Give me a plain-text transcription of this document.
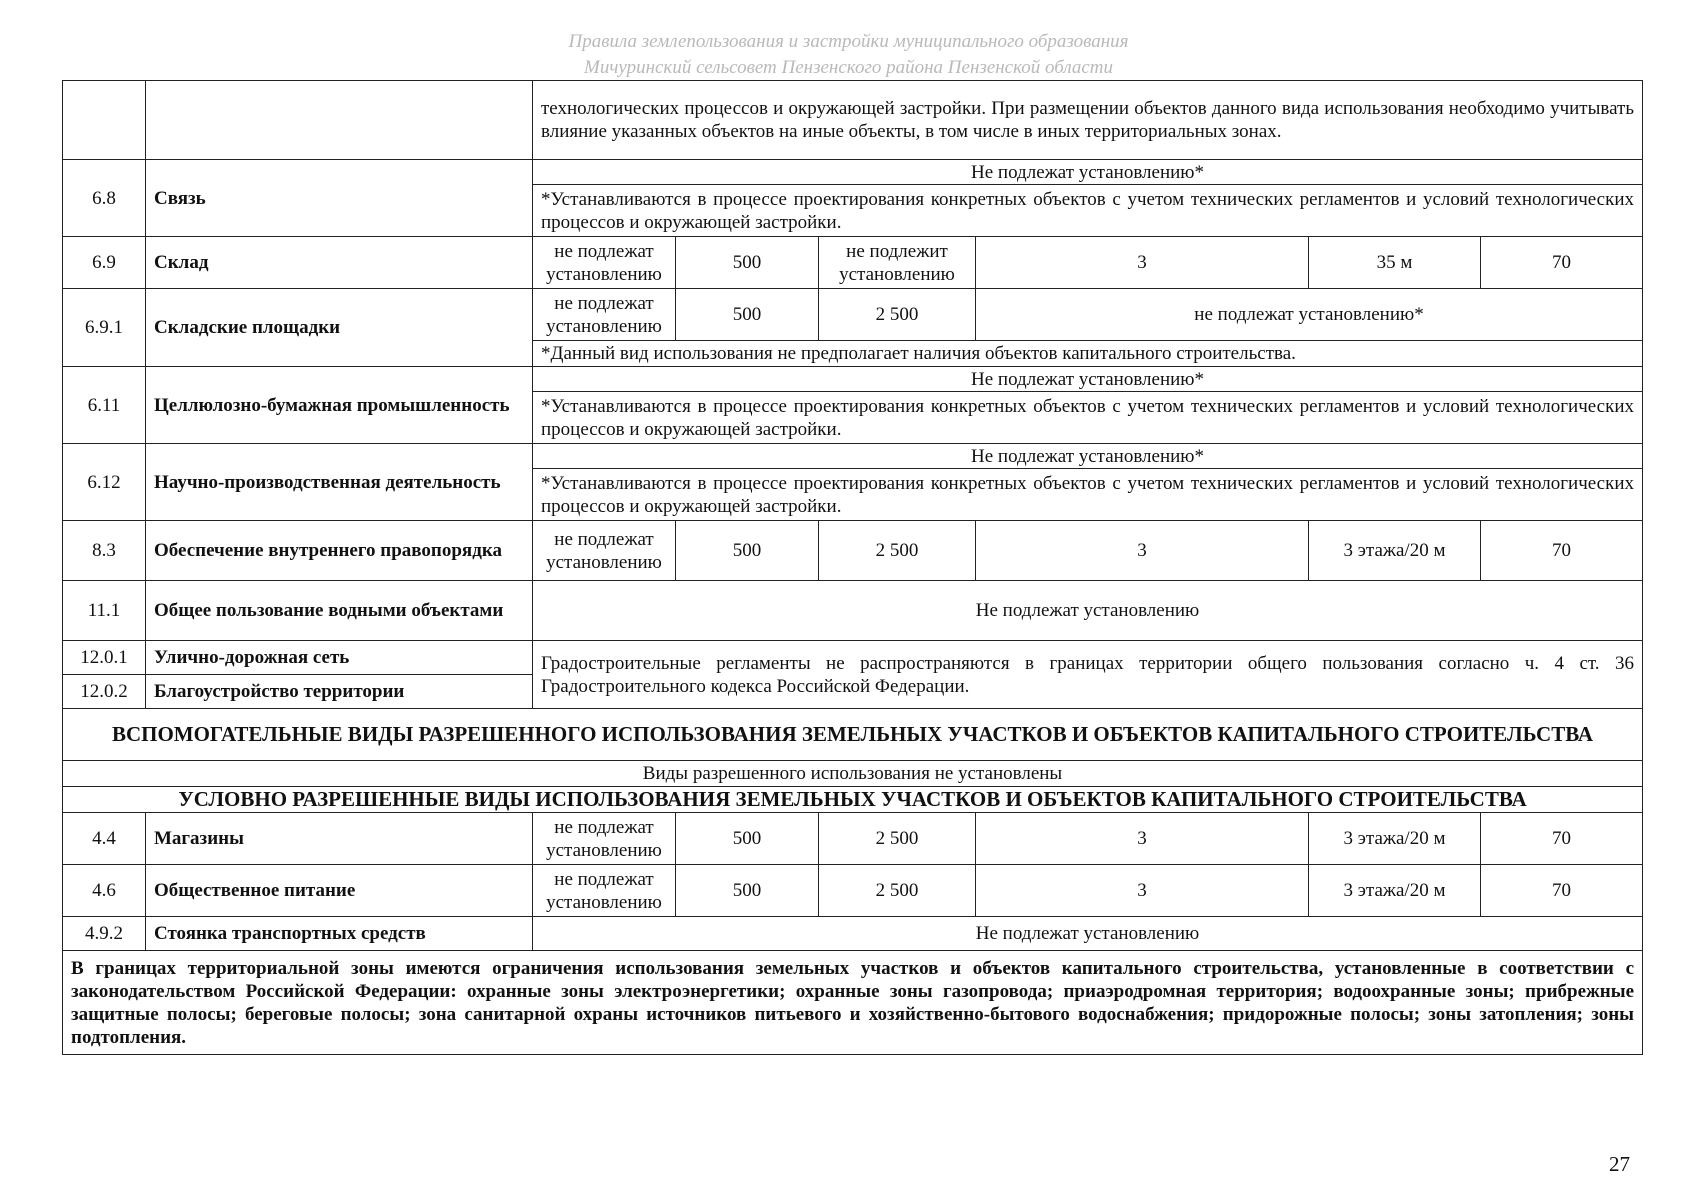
Правила землепользования и застройки муниципального образования
Мичуринский сельсовет Пензенского района Пензенской области
		технологических процессов и окружающей застройки. При размещении объектов данного вида использования необходимо учитывать влияние указанных объектов на иные объекты, в том числе в иных территориальных зонах.					
6.8	Связь	Не подлежат установлению*					
		*Устанавливаются в процессе проектирования конкретных объектов с учетом технических регламентов и условий технологических процессов и окружающей застройки.					
6.9	Склад	не подлежат установлению	500	не подлежит установлению	3	35 м	70
6.9.1	Складские площадки	не подлежат установлению	500	2 500	не подлежат установлению*		
		*Данный вид использования не предполагает наличия объектов капитального строительства.					
6.11	Целлюлозно-бумажная промышленность	Не подлежат установлению*					
		*Устанавливаются в процессе проектирования конкретных объектов с учетом технических регламентов и условий технологических процессов и окружающей застройки.					
6.12	Научно-производственная деятельность	Не подлежат установлению*					
		*Устанавливаются в процессе проектирования конкретных объектов с учетом технических регламентов и условий технологических процессов и окружающей застройки.					
8.3	Обеспечение внутреннего правопорядка	не подлежат установлению	500	2 500	3	3 этажа/20 м	70
11.1	Общее пользование водными объектами	Не подлежат установлению					
12.0.1	Улично-дорожная сеть	Градостроительные регламенты не распространяются в границах территории общего пользования согласно ч. 4 ст. 36 Градостроительного кодекса Российской Федерации.					
12.0.2	Благоустройство территории						
ВСПОМОГАТЕЛЬНЫЕ ВИДЫ РАЗРЕШЕННОГО ИСПОЛЬЗОВАНИЯ ЗЕМЕЛЬНЫХ УЧАСТКОВ И ОБЪЕКТОВ КАПИТАЛЬНОГО СТРОИТЕЛЬСТВА							
Виды разрешенного использования не установлены							
УСЛОВНО РАЗРЕШЕННЫЕ ВИДЫ ИСПОЛЬЗОВАНИЯ ЗЕМЕЛЬНЫХ УЧАСТКОВ И ОБЪЕКТОВ КАПИТАЛЬНОГО СТРОИТЕЛЬСТВА							
4.4	Магазины	не подлежат установлению	500	2 500	3	3 этажа/20 м	70
4.6	Общественное питание	не подлежат установлению	500	2 500	3	3 этажа/20 м	70
4.9.2	Стоянка транспортных средств	Не подлежат установлению					
В границах территориальной зоны имеются ограничения использования земельных участков и объектов капитального строительства, установленные в соответствии с законодательством Российской Федерации: охранные зоны электроэнергетики; охранные зоны газопровода; приаэродромная территория; водоохранные зоны; прибрежные защитные полосы; береговые полосы; зона санитарной охраны источников питьевого и хозяйственно-бытового водоснабжения; придорожные полосы; зоны затопления; зоны подтопления.							
27
